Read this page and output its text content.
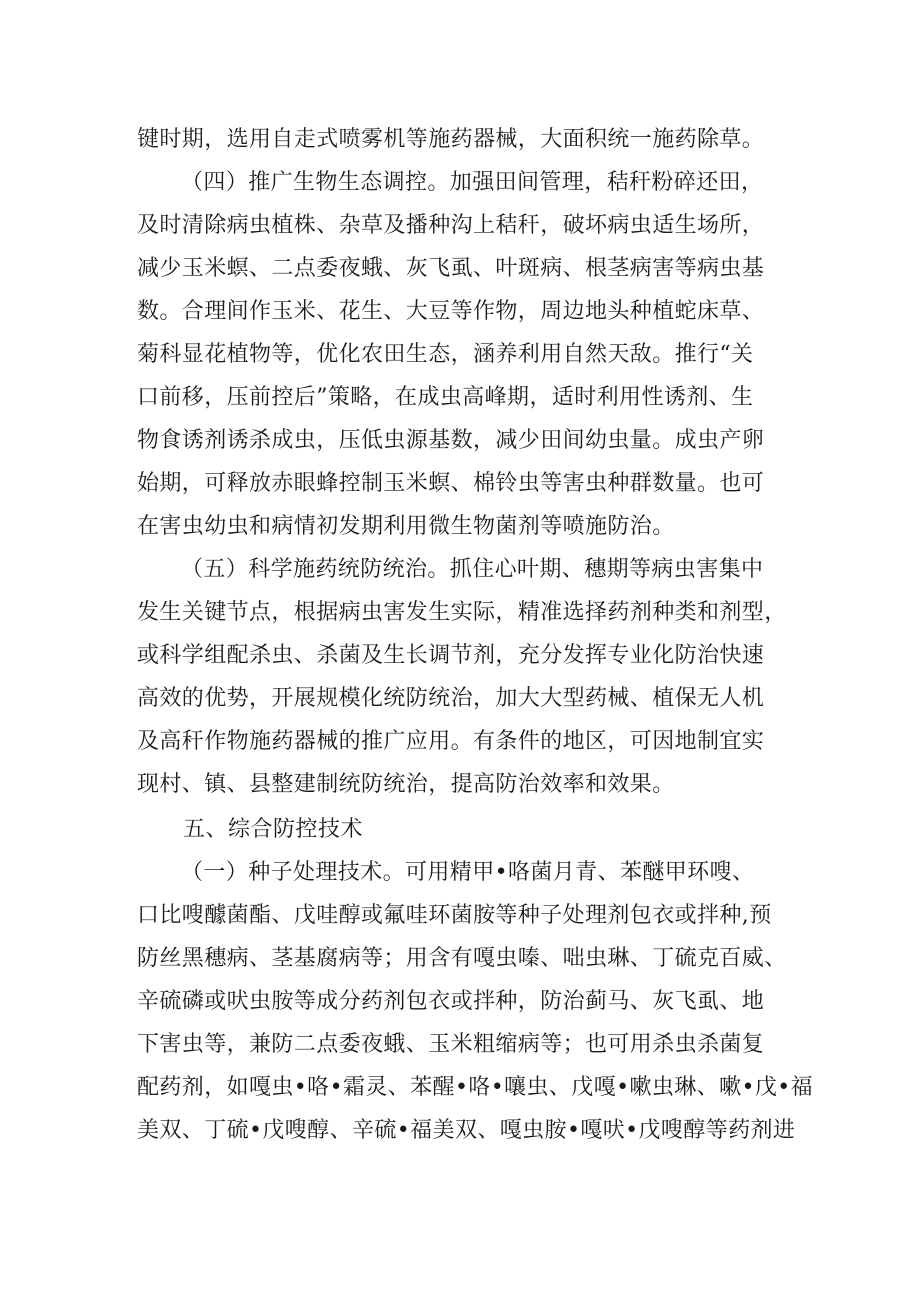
键时期，选用自走式喷雾机等施药器械，大面积统一施药除草。
（四）推广生物生态调控。加强田间管理，秸秆粉碎还田，
及时清除病虫植株、杂草及播种沟上秸秆，破坏病虫适生场所，
减少玉米螟、二点委夜蛾、灰飞虱、叶斑病、根茎病害等病虫基
数。合理间作玉米、花生、大豆等作物，周边地头种植蛇床草、
菊科显花植物等，优化农田生态，涵养利用自然天敌。推行“关
口前移，压前控后”策略，在成虫高峰期，适时利用性诱剂、生
物食诱剂诱杀成虫，压低虫源基数，减少田间幼虫量。成虫产卵
始期，可释放赤眼蜂控制玉米螟、棉铃虫等害虫种群数量。也可
在害虫幼虫和病情初发期利用微生物菌剂等喷施防治。
（五）科学施药统防统治。抓住心叶期、穗期等病虫害集中
发生关键节点，根据病虫害发生实际，精准选择药剂种类和剂型，
或科学组配杀虫、杀菌及生长调节剂，充分发挥专业化防治快速
高效的优势，开展规模化统防统治，加大大型药械、植保无人机
及高秆作物施药器械的推广应用。有条件的地区，可因地制宜实
现村、镇、县整建制统防统治，提高防治效率和效果。
五、综合防控技术
（一）种子处理技术。可用精甲•咯菌月青、苯醚甲环嗖、
口比嗖醵菌酯、戊哇醇或氟哇环菌胺等种子处理剂包衣或拌种,预
防丝黑穗病、茎基腐病等；用含有嘎虫嗪、咄虫琳、丁硫克百威、
辛硫磷或吠虫胺等成分药剂包衣或拌种，防治蓟马、灰飞虱、地
下害虫等，兼防二点委夜蛾、玉米粗缩病等；也可用杀虫杀菌复
配药剂，如嘎虫•咯•霜灵、苯醒•咯•嚷虫、戊嘎•嗽虫琳、嗽•戊•福
美双、丁硫•戊嗖醇、辛硫•福美双、嘎虫胺•嘎吠•戊嗖醇等药剂进
